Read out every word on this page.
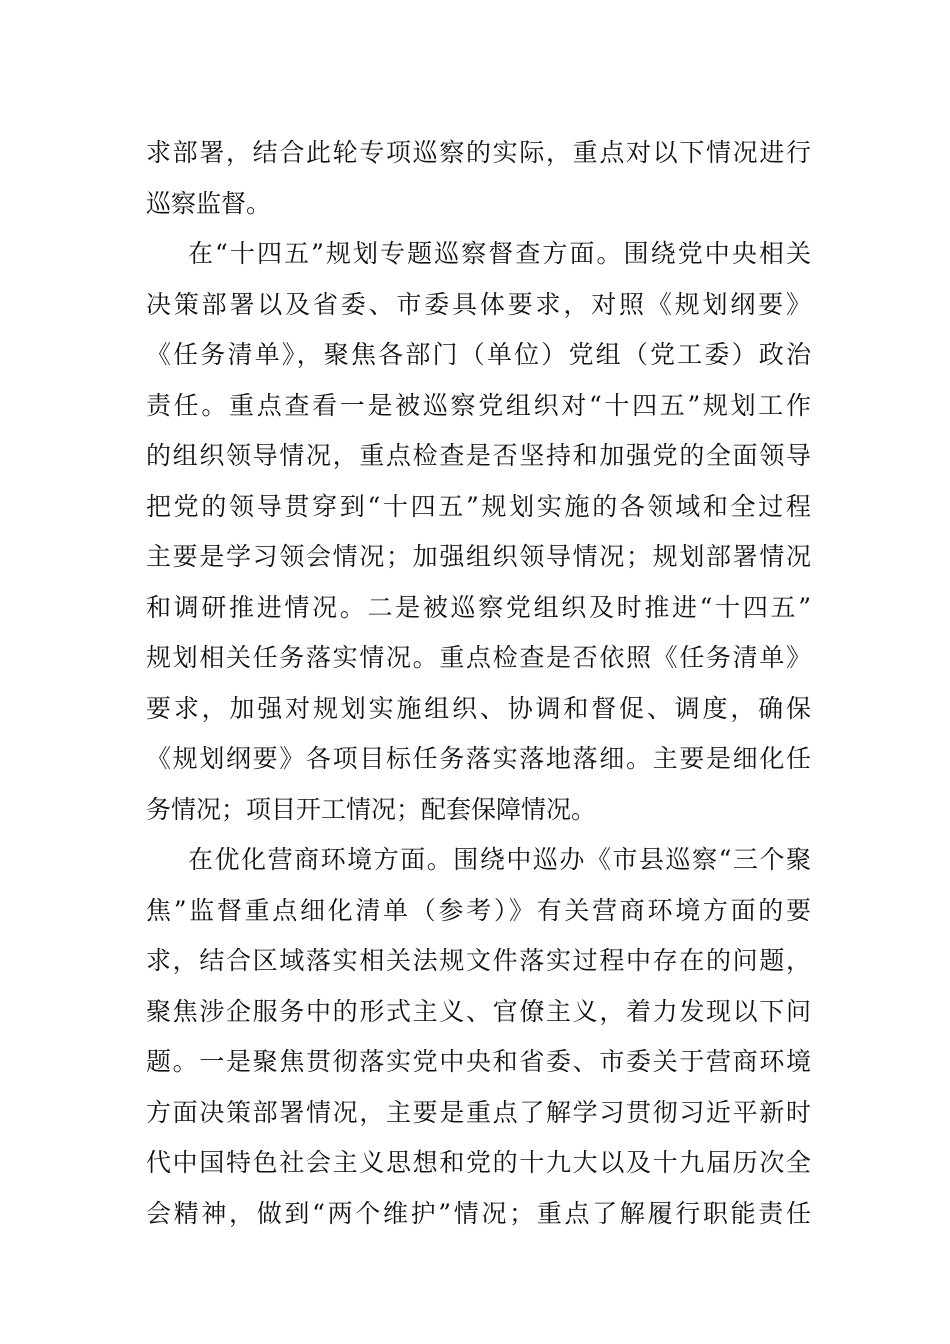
求部署，结合此轮专项巡察的实际，重点对以下情况进行
巡察监督。
在“十四五”规划专题巡察督查方面。围绕党中央相关
决策部署以及省委、市委具体要求，对照《规划纲要》
《任务清单》，聚焦各部门（单位）党组（党工委）政治
责任。重点查看一是被巡察党组织对“十四五”规划工作
的组织领导情况，重点检查是否坚持和加强党的全面领导
把党的领导贯穿到“十四五”规划实施的各领域和全过程
主要是学习领会情况；加强组织领导情况；规划部署情况
和调研推进情况。二是被巡察党组织及时推进“十四五”
规划相关任务落实情况。重点检查是否依照《任务清单》
要求，加强对规划实施组织、协调和督促、调度，确保
《规划纲要》各项目标任务落实落地落细。主要是细化任
务情况；项目开工情况；配套保障情况。
在优化营商环境方面。围绕中巡办《市县巡察“三个聚
焦”监督重点细化清单（参考）》有关营商环境方面的要
求，结合区域落实相关法规文件落实过程中存在的问题，
聚焦涉企服务中的形式主义、官僚主义，着力发现以下问
题。一是聚焦贯彻落实党中央和省委、市委关于营商环境
方面决策部署情况，主要是重点了解学习贯彻习近平新时
代中国特色社会主义思想和党的十九大以及十九届历次全
会精神，做到“两个维护”情况；重点了解履行职能责任
